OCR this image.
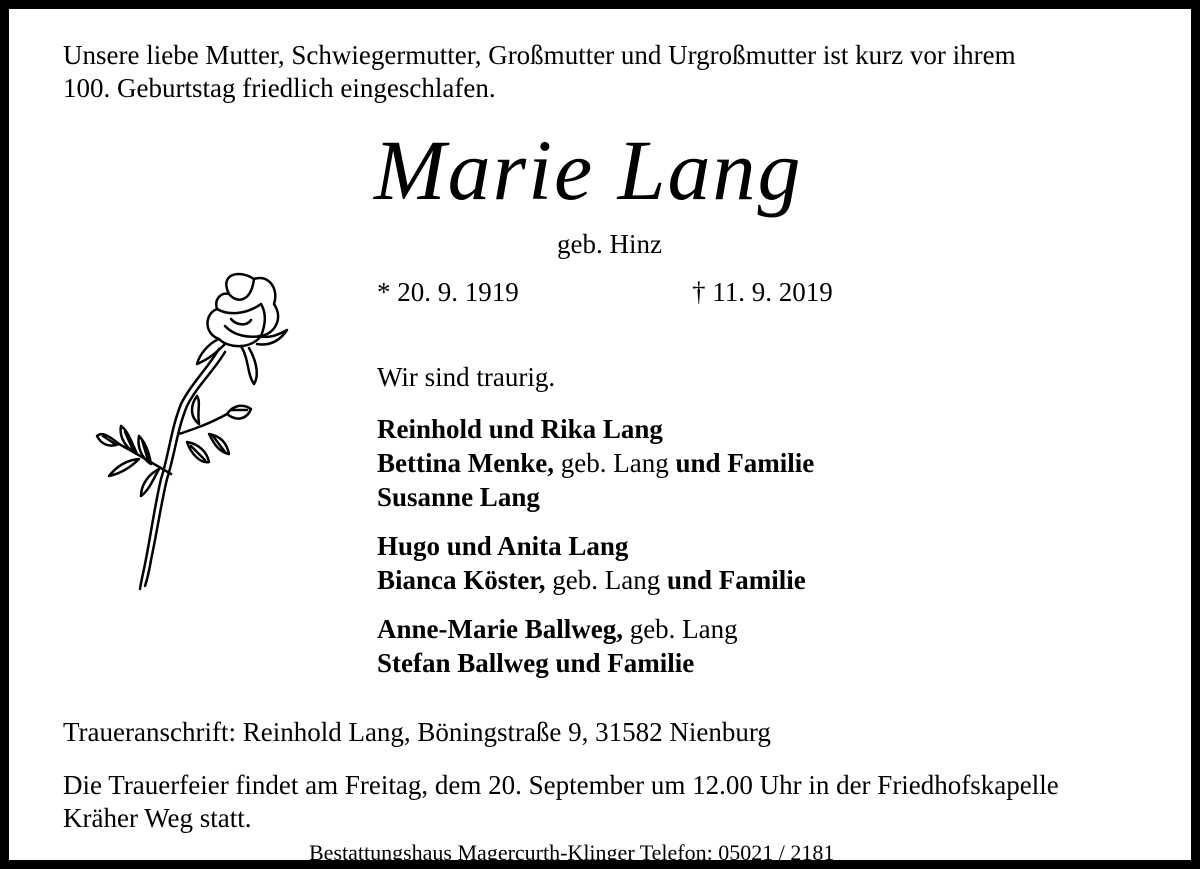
Unsere liebe Mutter, Schwiegermutter, Großmutter und Urgroßmutter ist kurz vor ihrem
100. Geburtstag friedlich eingeschlafen.
Marie Lang
geb. Hinz
* 20. 9. 1919	† 11. 9. 2019
Wir sind traurig.
Reinhold und Rika Lang
Bettina Menke, geb. Lang und Familie
Susanne Lang
Hugo und Anita Lang
Bianca Köster, geb. Lang und Familie
Anne-Marie Ballweg, geb. Lang
Stefan Ballweg und Familie
Traueranschrift: Reinhold Lang, Böningstraße 9, 31582 Nienburg
Die Trauerfeier findet am Freitag, dem 20. September um 12.00 Uhr in der Friedhofskapelle
Kräher Weg statt.
Bestattungshaus Magercurth-Klinger Telefon: 05021 / 2181
